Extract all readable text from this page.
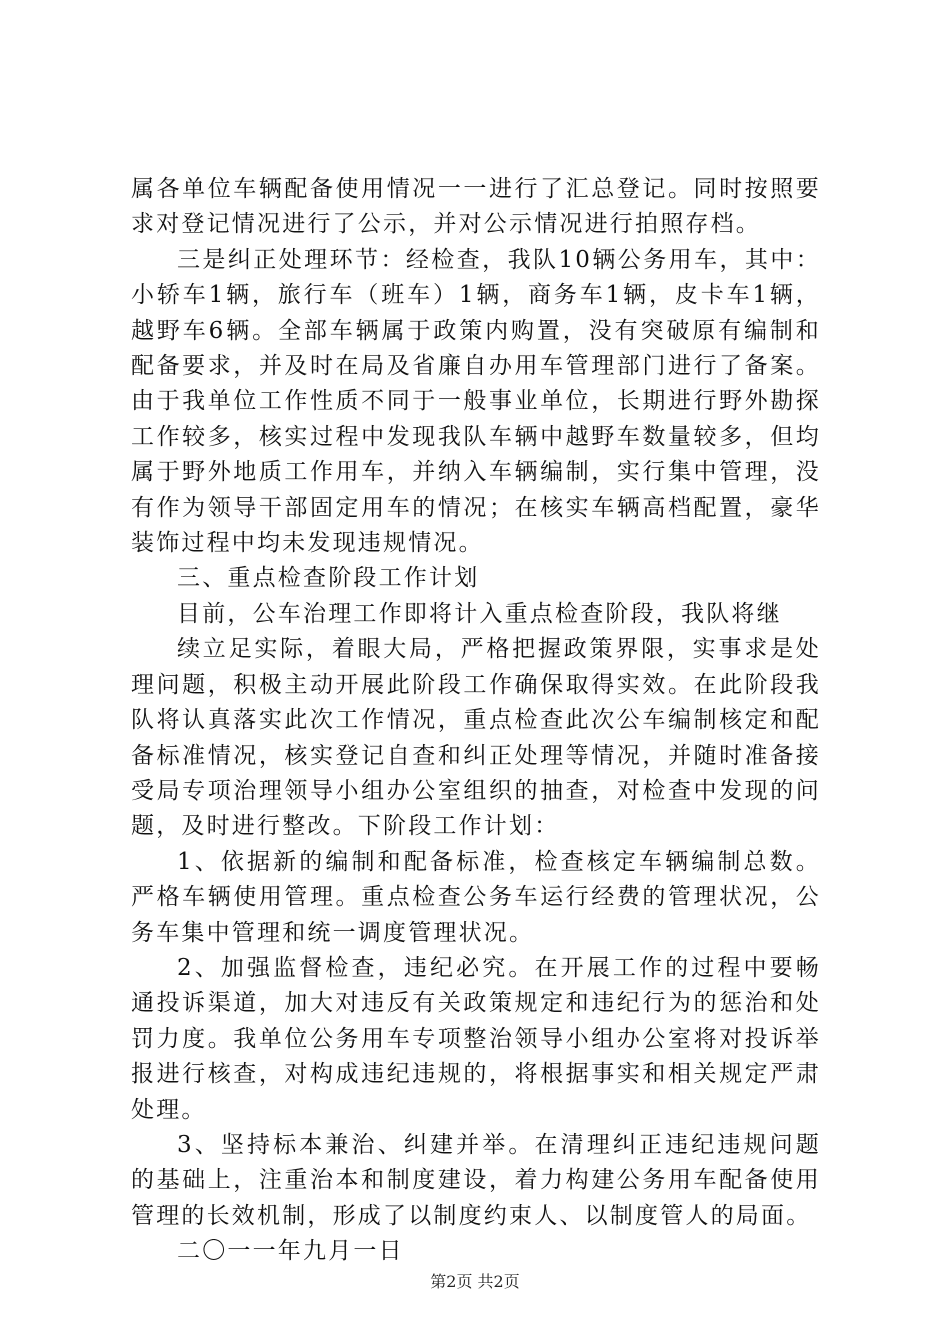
属各单位车辆配备使用情况一一进行了汇总登记。同时按照要求对登记情况进行了公示，并对公示情况进行拍照存档。

三是纠正处理环节：经检查，我队10辆公务用车，其中：小轿车1辆，旅行车（班车）1辆，商务车1辆，皮卡车1辆，越野车6辆。全部车辆属于政策内购置，没有突破原有编制和配备要求，并及时在局及省廉自办用车管理部门进行了备案。由于我单位工作性质不同于一般事业单位，长期进行野外勘探工作较多，核实过程中发现我队车辆中越野车数量较多，但均属于野外地质工作用车，并纳入车辆编制，实行集中管理，没有作为领导干部固定用车的情况；在核实车辆高档配置，豪华装饰过程中均未发现违规情况。

三、重点检查阶段工作计划

目前，公车治理工作即将计入重点检查阶段，我队将继

续立足实际，着眼大局，严格把握政策界限，实事求是处理问题，积极主动开展此阶段工作确保取得实效。在此阶段我队将认真落实此次工作情况，重点检查此次公车编制核定和配备标准情况，核实登记自查和纠正处理等情况，并随时准备接受局专项治理领导小组办公室组织的抽查，对检查中发现的问题，及时进行整改。下阶段工作计划：

1、依据新的编制和配备标准，检查核定车辆编制总数。严格车辆使用管理。重点检查公务车运行经费的管理状况，公务车集中管理和统一调度管理状况。

2、加强监督检查，违纪必究。在开展工作的过程中要畅通投诉渠道，加大对违反有关政策规定和违纪行为的惩治和处罚力度。我单位公务用车专项整治领导小组办公室将对投诉举报进行核查，对构成违纪违规的，将根据事实和相关规定严肃处理。

3、坚持标本兼治、纠建并举。在清理纠正违纪违规问题的基础上，注重治本和制度建设，着力构建公务用车配备使用管理的长效机制，形成了以制度约束人、以制度管人的局面。

二〇一一年九月一日

第2页 共2页
